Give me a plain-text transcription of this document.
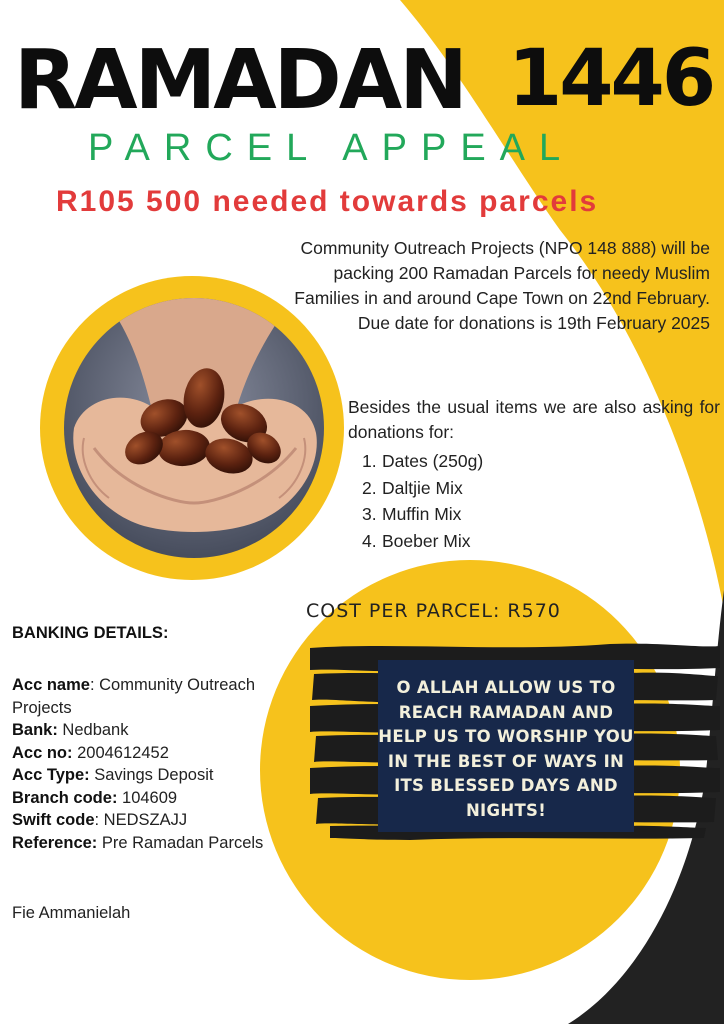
RAMADAN 1446
PARCEL APPEAL
R105 500 needed towards parcels
Community Outreach Projects (NPO 148 888) will be packing 200 Ramadan Parcels for needy Muslim Families in and around Cape Town on 22nd February. Due date for donations is 19th February 2025
Besides the usual items we are also asking for donations for:
1. Dates (250g)
2. Daltjie Mix
3. Muffin Mix
4. Boeber Mix
COST PER PARCEL: R570
O ALLAH ALLOW US TO
REACH RAMADAN AND
HELP US TO WORSHIP YOU
IN THE BEST OF WAYS IN
ITS BLESSED DAYS AND
NIGHTS!
BANKING DETAILS:
Acc name: Community Outreach Projects
Bank: Nedbank
Acc no: 2004612452
Acc Type: Savings Deposit
Branch code: 104609
Swift code: NEDSZAJJ
Reference: Pre Ramadan Parcels
Fie Ammanielah
